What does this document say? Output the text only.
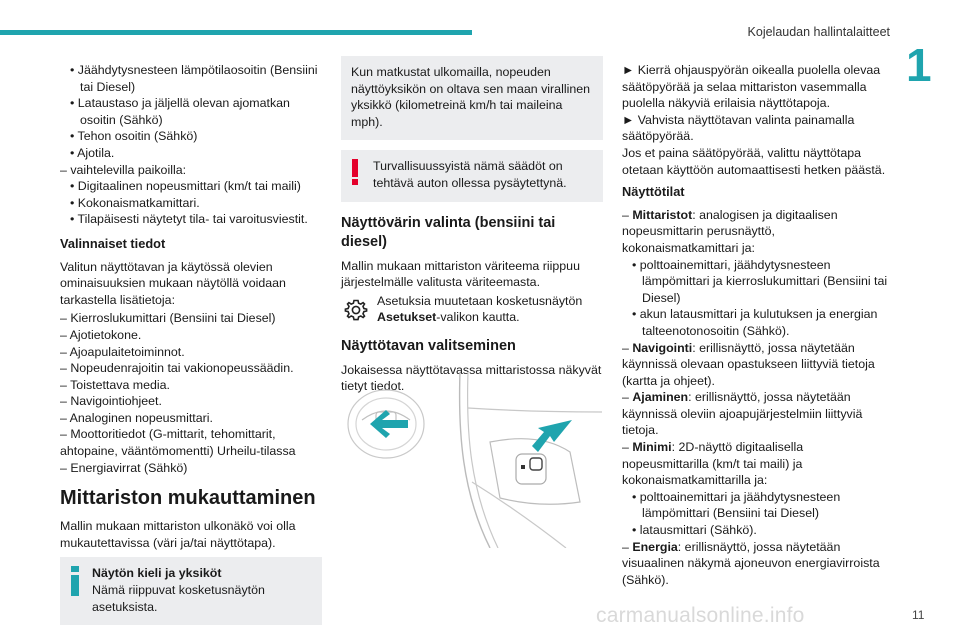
Kojelaudan hallintalaitteet
1
• Jäähdytysnesteen lämpötilaosoitin (Bensiini tai Diesel)
• Lataustaso ja jäljellä olevan ajomatkan osoitin (Sähkö)
• Tehon osoitin (Sähkö)
• Ajotila.
– vaihtelevilla paikoilla:
• Digitaalinen nopeusmittari (km/t tai maili)
• Kokonaismatkamittari.
• Tilapäisesti näytetyt tila- tai varoitusviestit.
Valinnaiset tiedot

Valitun näyttötavan ja käytössä olevien ominaisuuksien mukaan näytöllä voidaan tarkastella lisätietoja:

– Kierroslukumittari (Bensiini tai Diesel)
– Ajotietokone.
– Ajoapulaitetoiminnot.
– Nopeudenrajoitin tai vakionopeussäädin.
– Toistettava media.
– Navigointiohjeet.
– Analoginen nopeusmittari.
– Moottoritiedot (G-mittarit, tehomittarit, ahtopaine, vääntömomentti) Urheilu-tilassa
– Energiavirrat (Sähkö)
Mittariston mukauttaminen

Mallin mukaan mittariston ulkonäkö voi olla mukautettavissa (väri ja/tai näyttötapa).

Näytön kieli ja yksiköt
Nämä riippuvat kosketusnäytön asetuksista.
Kun matkustat ulkomailla, nopeuden näyttöyksikön on oltava sen maan virallinen yksikkö (kilometreinä km/h tai maileina mph).
Turvallisuussyistä nämä säädöt on tehtävä auton ollessa pysäytettynä.
Näyttövärin valinta (bensiini tai diesel)

Mallin mukaan mittariston väriteema riippuu järjestelmälle valitusta väriteemasta.

Asetuksia muutetaan kosketusnäytön Asetukset-valikon kautta.
Näyttötavan valitseminen

Jokaisessa näyttötavassa mittaristossa näkyvät tietyt tiedot.

► Kierrä ohjauspyörän oikealla puolella olevaa säätöpyörää ja selaa mittariston vasemmalla puolella näkyviä erilaisia näyttötapoja.

► Vahvista näyttötavan valinta painamalla säätöpyörää.

Jos et paina säätöpyörää, valittu näyttötapa otetaan käyttöön automaattisesti hetken päästä.

Näyttötilat
– Mittaristot: analogisen ja digitaalisen nopeusmittarin perusnäyttö, kokonaismatkamittari ja:
• polttoainemittari, jäähdytysnesteen lämpömittari ja kierroslukumittari (Bensiini tai Diesel)
• akun latausmittari ja kulutuksen ja energian talteenotonosoitin (Sähkö).
– Navigointi: erillisnäyttö, jossa näytetään käynnissä olevaan opastukseen liittyviä tietoja (kartta ja ohjeet).
– Ajaminen: erillisnäyttö, jossa näytetään käynnissä oleviin ajoapujärjestelmiin liittyviä tietoja.
– Minimi: 2D-näyttö digitaalisella nopeusmittarilla (km/t tai maili) ja kokonaismatkamittarilla ja:
• polttoainemittari ja jäähdytysnesteen lämpömittari (Bensiini tai Diesel)
• latausmittari (Sähkö).
– Energia: erillisnäyttö, jossa näytetään visuaalinen näkymä ajoneuvon energiavirroista (Sähkö).
carmanualsonline.info	11
